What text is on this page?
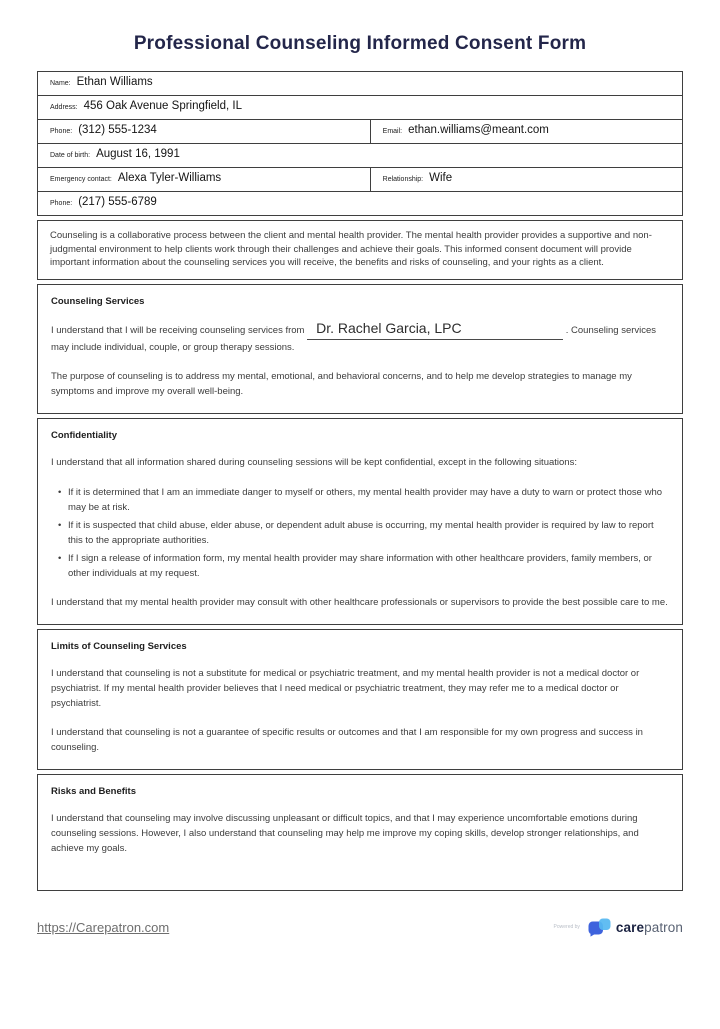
Professional Counseling Informed Consent Form
Name: Ethan Williams
Address: 456 Oak Avenue Springfield, IL
Phone: (312) 555-1234	Email: ethan.williams@meant.com
Date of birth: August 16, 1991
Emergency contact: Alexa Tyler-Williams	Relationship: Wife
Phone: (217) 555-6789

Counseling is a collaborative process between the client and mental health provider. The mental health provider provides a supportive and non-judgmental environment to help clients work through their challenges and achieve their goals. This informed consent document will provide important information about the counseling services you will receive, the benefits and risks of counseling, and your rights as a client.

Counseling Services

I understand that I will be receiving counseling services from Dr. Rachel Garcia, LPC	. Counseling services may include individual, couple, or group therapy sessions.

The purpose of counseling is to address my mental, emotional, and behavioral concerns, and to help me develop strategies to manage my symptoms and improve my overall well-being.

Confidentiality

I understand that all information shared during counseling sessions will be kept confidential, except in the following situations:

• If it is determined that I am an immediate danger to myself or others, my mental health provider may have a duty to warn or protect those who may be at risk.
• If it is suspected that child abuse, elder abuse, or dependent adult abuse is occurring, my mental health provider is required by law to report this to the appropriate authorities.
• If I sign a release of information form, my mental health provider may share information with other healthcare providers, family members, or other individuals at my request.

I understand that my mental health provider may consult with other healthcare professionals or supervisors to provide the best possible care to me.

Limits of Counseling Services

I understand that counseling is not a substitute for medical or psychiatric treatment, and my mental health provider is not a medical doctor or psychiatrist. If my mental health provider believes that I need medical or psychiatric treatment, they may refer me to a medical doctor or psychiatrist.

I understand that counseling is not a guarantee of specific results or outcomes and that I am responsible for my own progress and success in counseling.

Risks and Benefits

I understand that counseling may involve discussing unpleasant or difficult topics, and that I may experience uncomfortable emotions during counseling sessions. However, I also understand that counseling may help me improve my coping skills, develop stronger relationships, and achieve my goals.

https://Carepatron.com	Powered by	carepatron
